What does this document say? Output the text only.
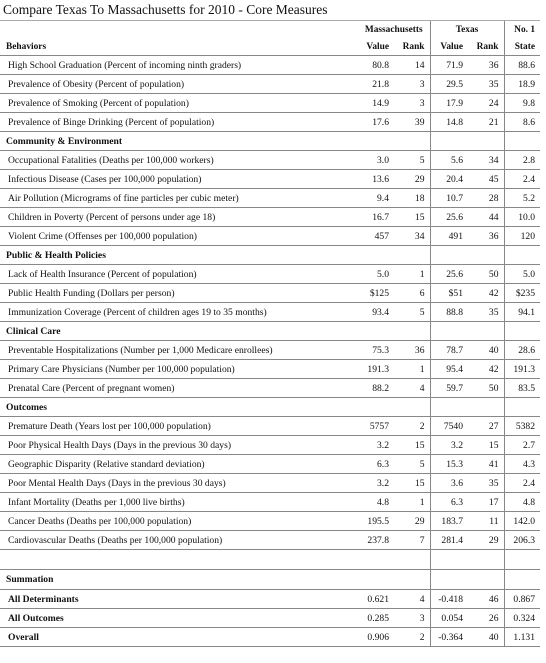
Compare Texas To Massachusetts for 2010 - Core Measures
	Massachusetts		Texas		No. 1
Behaviors	Value	Rank	Value	Rank	State
High School Graduation (Percent of incoming ninth graders)	80.8	14	71.9	36	88.6
Prevalence of Obesity (Percent of population)	21.8	3	29.5	35	18.9
Prevalence of Smoking (Percent of population)	14.9	3	17.9	24	9.8
Prevalence of Binge Drinking (Percent of population)	17.6	39	14.8	21	8.6
Community & Environment					
Occupational Fatalities (Deaths per 100,000 workers)	3.0	5	5.6	34	2.8
Infectious Disease (Cases per 100,000 population)	13.6	29	20.4	45	2.4
Air Pollution (Micrograms of fine particles per cubic meter)	9.4	18	10.7	28	5.2
Children in Poverty (Percent of persons under age 18)	16.7	15	25.6	44	10.0
Violent Crime (Offenses per 100,000 population)	457	34	491	36	120
Public & Health Policies					
Lack of Health Insurance (Percent of population)	5.0	1	25.6	50	5.0
Public Health Funding (Dollars per person)	$125	6	$51	42	$235
Immunization Coverage (Percent of children ages 19 to 35 months)	93.4	5	88.8	35	94.1
Clinical Care					
Preventable Hospitalizations (Number per 1,000 Medicare enrollees)	75.3	36	78.7	40	28.6
Primary Care Physicians (Number per 100,000 population)	191.3	1	95.4	42	191.3
Prenatal Care (Percent of pregnant women)	88.2	4	59.7	50	83.5
Outcomes					
Premature Death (Years lost per 100,000 population)	5757	2	7540	27	5382
Poor Physical Health Days (Days in the previous 30 days)	3.2	15	3.2	15	2.7
Geographic Disparity (Relative standard deviation)	6.3	5	15.3	41	4.3
Poor Mental Health Days (Days in the previous 30 days)	3.2	15	3.6	35	2.4
Infant Mortality (Deaths per 1,000 live births)	4.8	1	6.3	17	4.8
Cancer Deaths (Deaths per 100,000 population)	195.5	29	183.7	11	142.0
Cardiovascular Deaths (Deaths per 100,000 population)	237.8	7	281.4	29	206.3

Summation					
All Determinants	0.621	4	-0.418	46	0.867
All Outcomes	0.285	3	0.054	26	0.324
Overall	0.906	2	-0.364	40	1.131
